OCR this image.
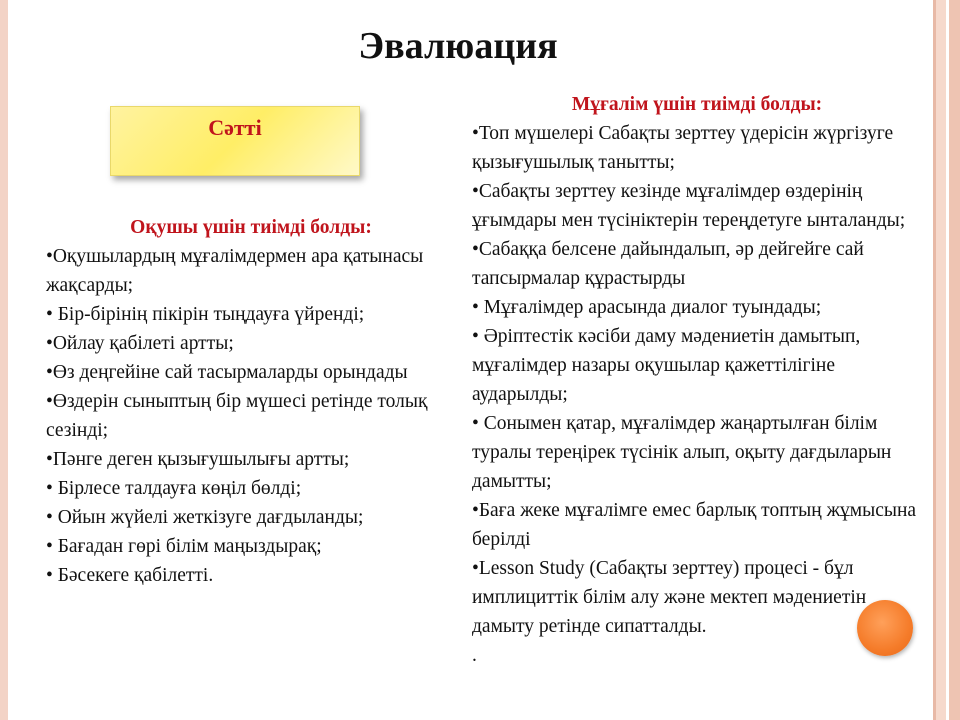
Эвалюация
Сәтті
Оқушы үшін тиімді болды:

•Оқушылардың мұғалімдермен ара қатынасы жақсарды;

• Бір-бірінің пікірін тыңдауға үйренді;

•Ойлау қабілеті артты;

•Өз деңгейіне сай тасырмаларды орындады

•Өздерін сыныптың бір мүшесі ретінде толық сезінді;

•Пәнге деген қызығушылығы артты;

• Бірлесе талдауға көңіл бөлді;

• Ойын жүйелі жеткізуге дағдыланды;

• Бағадан гөрі білім маңыздырақ;

• Бәсекеге қабілетті.

Мұғалім үшін тиімді болды:

•Топ мүшелері Сабақты зерттеу үдерісін жүргізуге қызығушылық танытты;

•Сабақты зерттеу кезінде мұғалімдер өздерінің ұғымдары мен түсініктерін тереңдетуге ынталанды;

•Сабаққа белсене дайындалып, әр дейгейге сай тапсырмалар құрастырды

• Мұғалімдер арасында диалог туындады;

• Әріптестік кәсіби даму мәдениетін дамытып, мұғалімдер назары оқушылар қажеттілігіне аударылды;

• Сонымен қатар, мұғалімдер жаңартылған білім туралы тереңірек түсінік алып, оқыту дағдыларын дамытты;

•Баға жеке мұғалімге емес барлық топтың жұмысына берілді

•Lesson Study (Сабақты зерттеу) процесі - бұл имплициттік білім алу және мектеп мәдениетін дамыту ретінде сипатталды.

.
